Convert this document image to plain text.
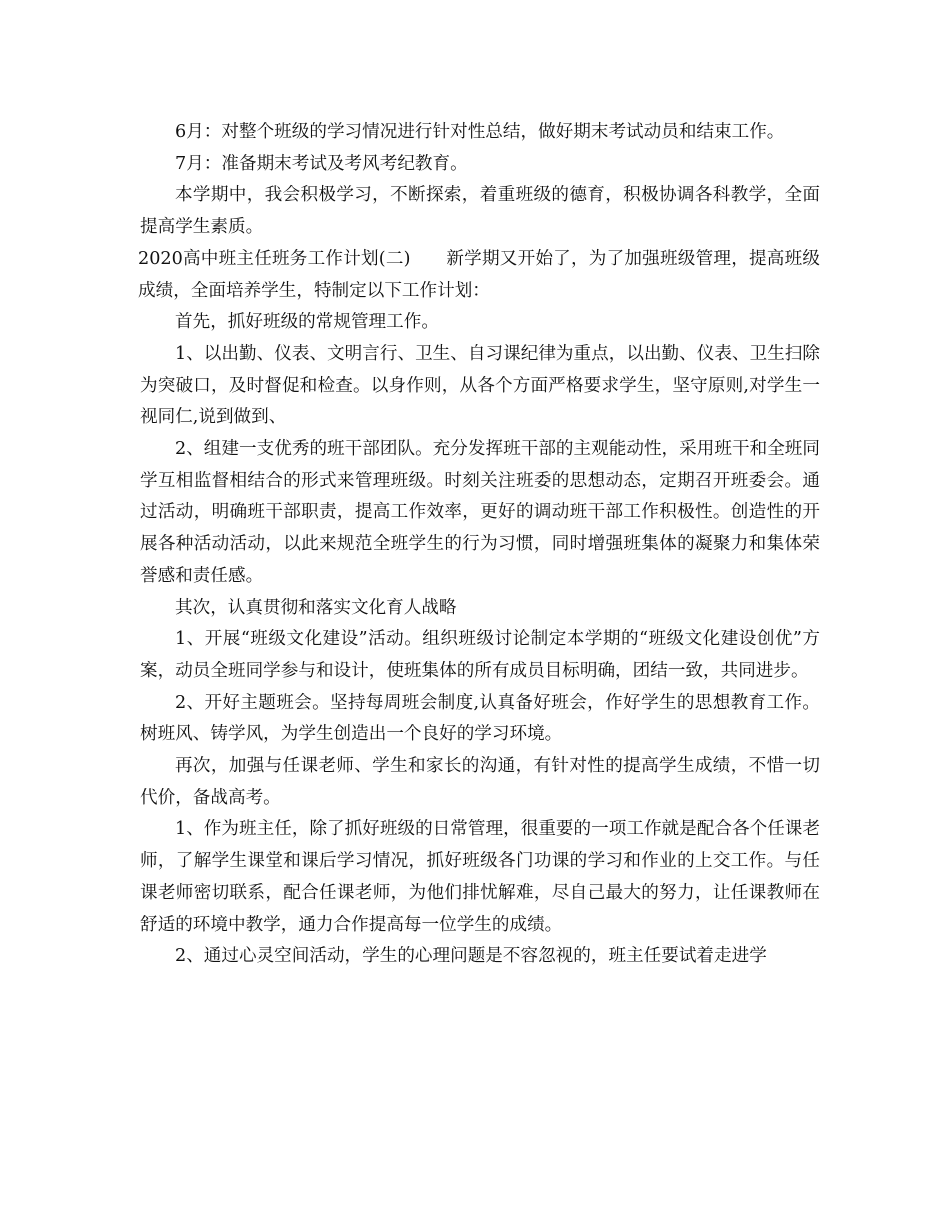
6月：对整个班级的学习情况进行针对性总结，做好期末考试动员和结束工作。

7月：准备期末考试及考风考纪教育。

本学期中，我会积极学习，不断探索，着重班级的德育，积极协调各科教学，全面提高学生素质。

2020高中班主任班务工作计划(二)　　新学期又开始了，为了加强班级管理，提高班级成绩，全面培养学生，特制定以下工作计划：

首先，抓好班级的常规管理工作。

1、以出勤、仪表、文明言行、卫生、自习课纪律为重点，以出勤、仪表、卫生扫除为突破口，及时督促和检查。以身作则，从各个方面严格要求学生，坚守原则,对学生一视同仁,说到做到、

2、组建一支优秀的班干部团队。充分发挥班干部的主观能动性，采用班干和全班同学互相监督相结合的形式来管理班级。时刻关注班委的思想动态，定期召开班委会。通过活动，明确班干部职责，提高工作效率，更好的调动班干部工作积极性。创造性的开展各种活动活动，以此来规范全班学生的行为习惯，同时增强班集体的凝聚力和集体荣誉感和责任感。

其次，认真贯彻和落实文化育人战略

1、开展“班级文化建设”活动。组织班级讨论制定本学期的“班级文化建设创优”方案，动员全班同学参与和设计，使班集体的所有成员目标明确，团结一致，共同进步。

2、开好主题班会。坚持每周班会制度,认真备好班会，作好学生的思想教育工作。树班风、铸学风，为学生创造出一个良好的学习环境。

再次，加强与任课老师、学生和家长的沟通，有针对性的提高学生成绩，不惜一切代价，备战高考。

1、作为班主任，除了抓好班级的日常管理，很重要的一项工作就是配合各个任课老师，了解学生课堂和课后学习情况，抓好班级各门功课的学习和作业的上交工作。与任课老师密切联系，配合任课老师，为他们排忧解难，尽自己最大的努力，让任课教师在舒适的环境中教学，通力合作提高每一位学生的成绩。

2、通过心灵空间活动，学生的心理问题是不容忽视的，班主任要试着走进学
